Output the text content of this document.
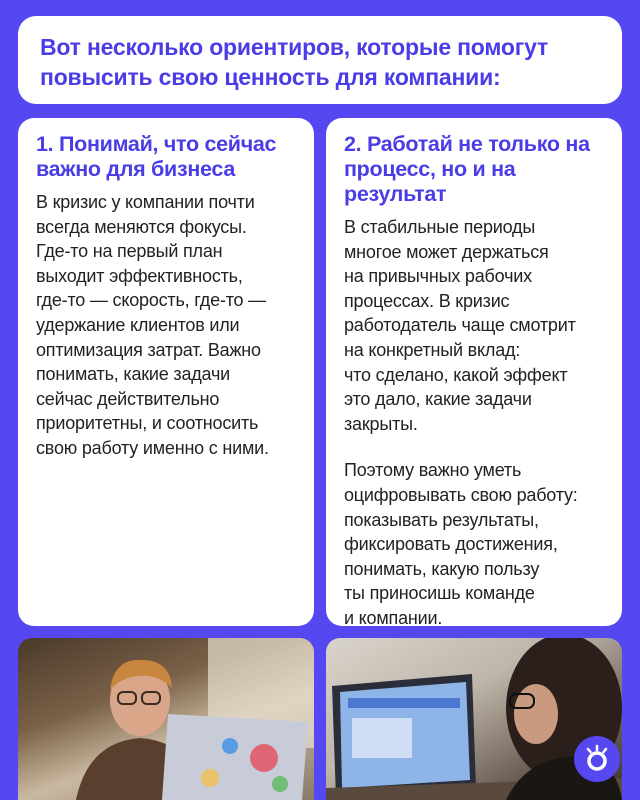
Вот несколько ориентиров, которые помогут повысить свою ценность для компании:
1. Понимай, что сейчас важно для бизнеса

В кризис у компании почти
всегда меняются фокусы.
Где-то на первый план
выходит эффективность,
где-то — скорость, где-то —
удержание клиентов или
оптимизация затрат. Важно
понимать, какие задачи
сейчас действительно
приоритетны, и соотносить
свою работу именно с ними.

2. Работай не только на процесс, но и на результат

В стабильные периоды
многое может держаться
на привычных рабочих
процессах. В кризис
работодатель чаще смотрит
на конкретный вклад:
что сделано, какой эффект
это дало, какие задачи
закрыты.

Поэтому важно уметь
оцифровывать свою работу:
показывать результаты,
фиксировать достижения,
понимать, какую пользу
ты приносишь команде
и компании.
